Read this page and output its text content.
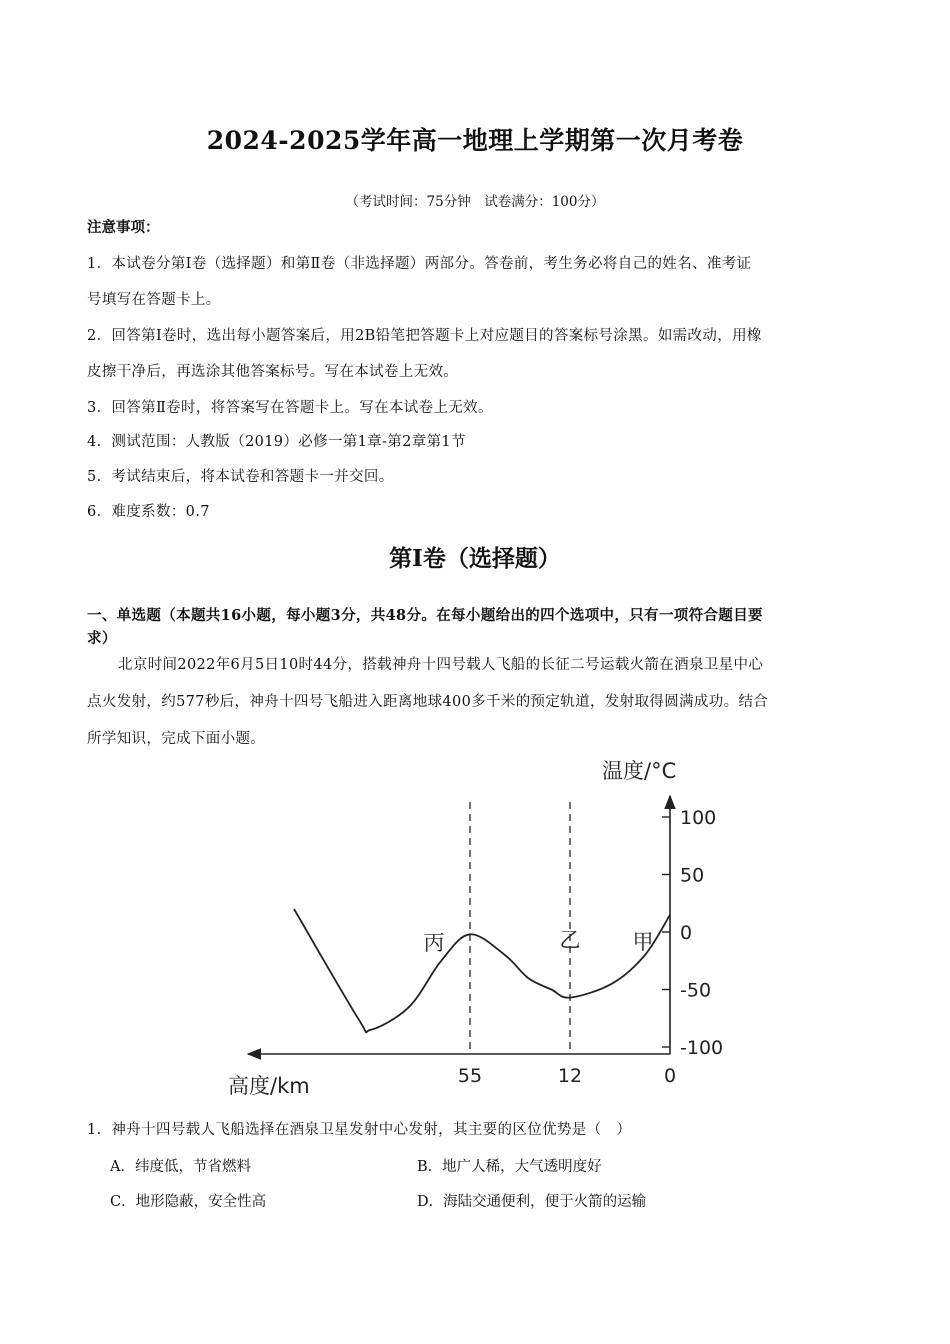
2024-2025学年高一地理上学期第一次月考卷
（考试时间：75分钟　试卷满分：100分）
注意事项：
1．本试卷分第Ⅰ卷（选择题）和第Ⅱ卷（非选择题）两部分。答卷前，考生务必将自己的姓名、准考证
号填写在答题卡上。
2．回答第Ⅰ卷时，选出每小题答案后，用2B铅笔把答题卡上对应题目的答案标号涂黑。如需改动，用橡
皮擦干净后，再选涂其他答案标号。写在本试卷上无效。
3．回答第Ⅱ卷时，将答案写在答题卡上。写在本试卷上无效。
4．测试范围：人教版（2019）必修一第1章-第2章第1节
5．考试结束后，将本试卷和答题卡一并交回。
6．难度系数：0.7
第Ⅰ卷（选择题）
一、单选题（本题共16小题，每小题3分，共48分。在每小题给出的四个选项中，只有一项符合题目要
求）
北京时间2022年6月5日10时44分，搭载神舟十四号载人飞船的长征二号运载火箭在酒泉卫星中心
点火发射，约577秒后，神舟十四号飞船进入距离地球400多千米的预定轨道，发射取得圆满成功。结合
所学知识，完成下面小题。
100
50
0
-50
-100
55	12	0
温度/°C
高度/km
丙	乙 甲
1．神舟十四号载人飞船选择在酒泉卫星发射中心发射，其主要的区位优势是（　）
A．纬度低，节省燃料	B．地广人稀，大气透明度好
C．地形隐蔽，安全性高	D．海陆交通便利，便于火箭的运输
